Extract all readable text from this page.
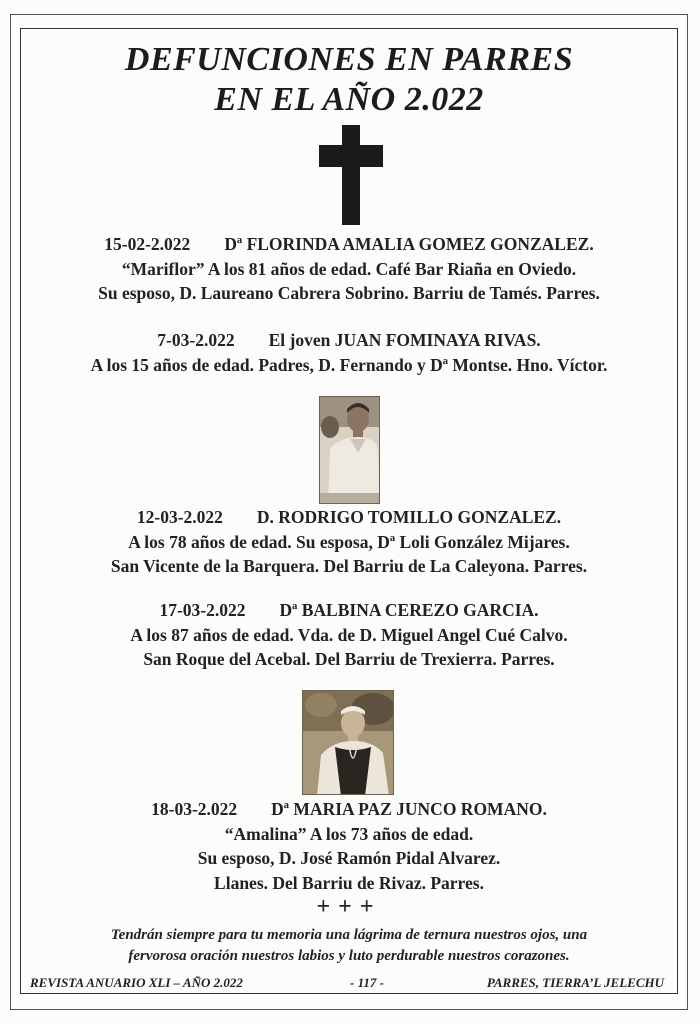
DEFUNCIONES EN PARRES
EN EL AÑO 2.022
15-02-2.022 Dª FLORINDA AMALIA GOMEZ GONZALEZ.
“Mariflor” A los 81 años de edad. Café Bar Riaña en Oviedo.
Su esposo, D. Laureano Cabrera Sobrino. Barriu de Tamés. Parres.
7-03-2.022 El joven JUAN FOMINAYA RIVAS.
A los 15 años de edad. Padres, D. Fernando y Dª Montse. Hno. Víctor.
12-03-2.022 D. RODRIGO TOMILLO GONZALEZ.
A los 78 años de edad. Su esposa, Dª Loli González Mijares.
San Vicente de la Barquera. Del Barriu de La Caleyona. Parres.
17-03-2.022 Dª BALBINA CEREZO GARCIA.
A los 87 años de edad. Vda. de D. Miguel Angel Cué Calvo.
San Roque del Acebal. Del Barriu de Trexierra. Parres.
18-03-2.022 Dª MARIA PAZ JUNCO ROMANO.
“Amalina” A los 73 años de edad.
Su esposo, D. José Ramón Pidal Alvarez.
Llanes. Del Barriu de Rivaz. Parres.
+++
Tendrán siempre para tu memoria una lágrima de ternura nuestros ojos, una
fervorosa oración nuestros labios y luto perdurable nuestros corazones.
REVISTA ANUARIO XLI – AÑO 2.022	- 117 -	PARRES, TIERRA’L JELECHU
